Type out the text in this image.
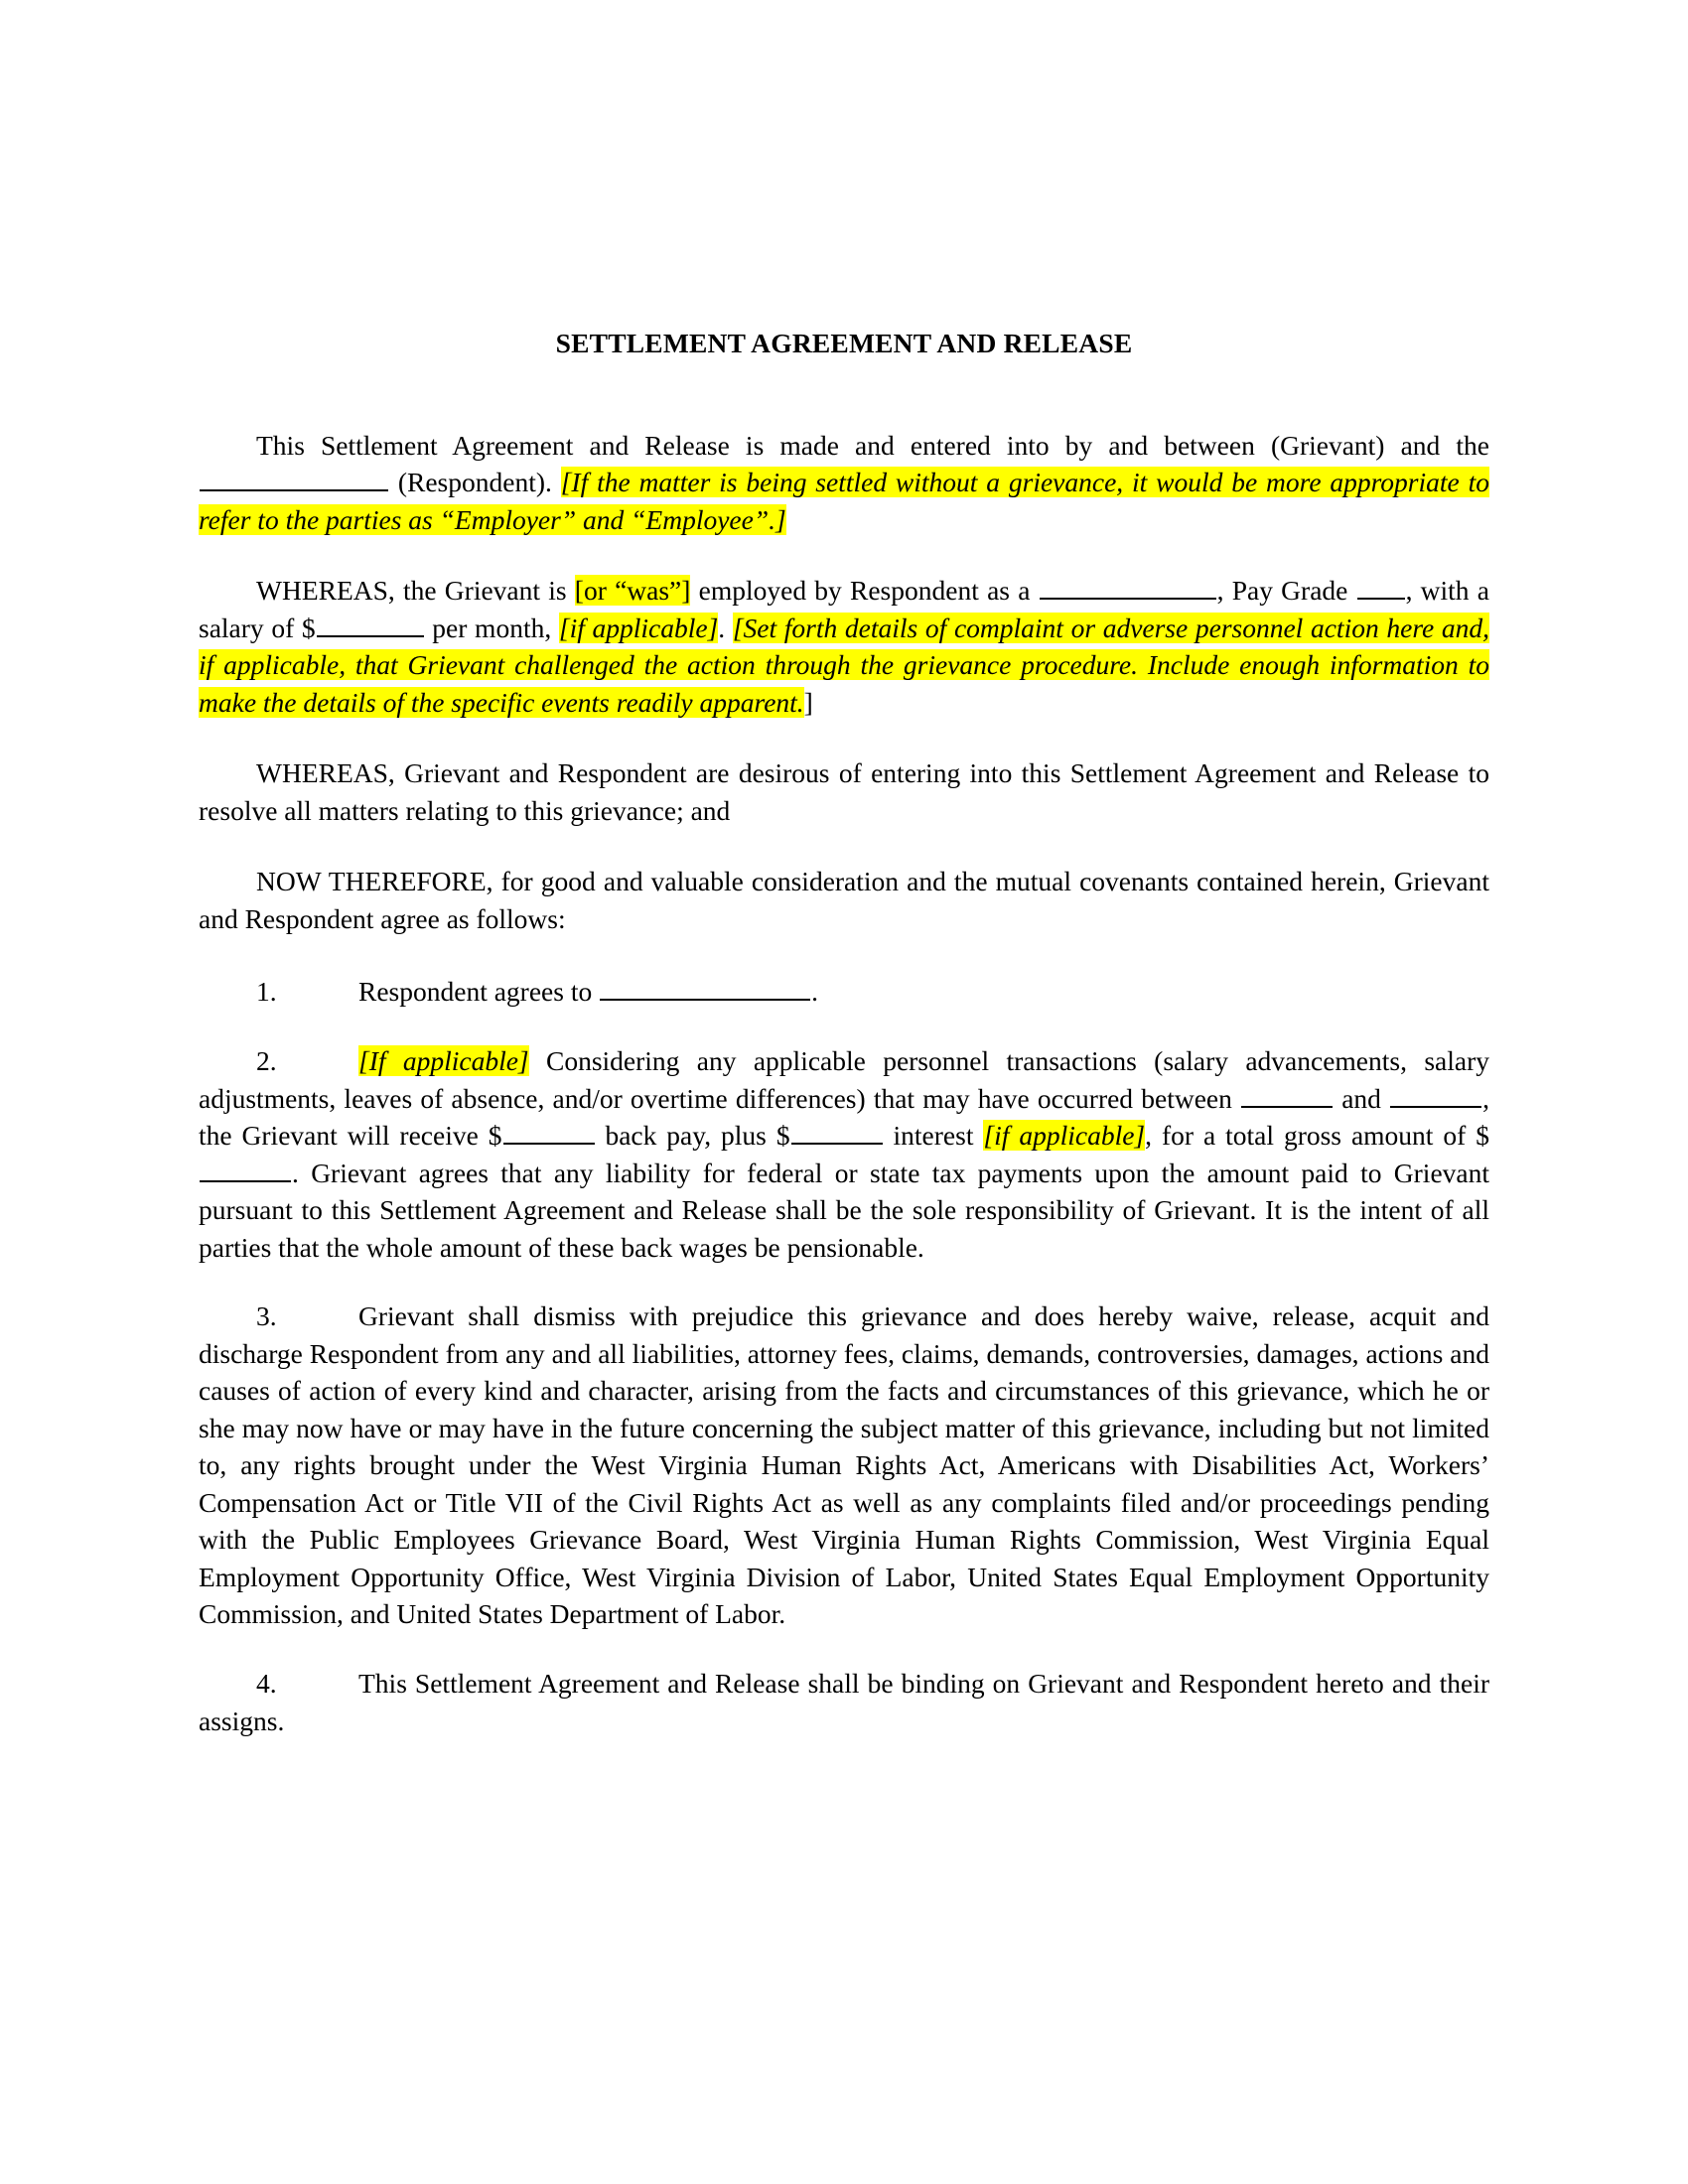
SETTLEMENT AGREEMENT AND RELEASE

This Settlement Agreement and Release is made and entered into by and between (Grievant) and the  (Respondent). [If the matter is being settled without a grievance, it would be more appropriate to refer to the parties as “Employer” and “Employee”.]

WHEREAS, the Grievant is [or “was”] employed by Respondent as a	, Pay Grade , with a salary of $	per month, [if applicable]. [Set forth details of complaint or adverse personnel action here and, if applicable, that Grievant challenged the action through the grievance procedure. Include enough information to make the details of the specific events readily apparent.]

WHEREAS, Grievant and Respondent are desirous of entering into this Settlement Agreement and Release to resolve all matters relating to this grievance; and

NOW THEREFORE, for good and valuable consideration and the mutual covenants contained herein, Grievant and Respondent agree as follows:

1.	Respondent agrees to	.

2.	[If applicable] Considering any applicable personnel transactions (salary advancements, salary adjustments, leaves of absence, and/or overtime differences) that may have occurred between	and	, the Grievant will receive $	back pay, plus $	interest [if applicable], for a total gross amount of $. Grievant agrees that any liability for federal or state tax payments upon the amount paid to Grievant pursuant to this Settlement Agreement and Release shall be the sole responsibility of Grievant. It is the intent of all parties that the whole amount of these back wages be pensionable.

3.	Grievant shall dismiss with prejudice this grievance and does hereby waive, release, acquit and discharge Respondent from any and all liabilities, attorney fees, claims, demands, controversies, damages, actions and causes of action of every kind and character, arising from the facts and circumstances of this grievance, which he or she may now have or may have in the future concerning the subject matter of this grievance, including but not limited to, any rights brought under the West Virginia Human Rights Act, Americans with Disabilities Act, Workers’ Compensation Act or Title VII of the Civil Rights Act as well as any complaints filed and/or proceedings pending with the Public Employees Grievance Board, West Virginia Human Rights Commission, West Virginia Equal Employment Opportunity Office, West Virginia Division of Labor, United States Equal Employment Opportunity Commission, and United States Department of Labor.

4.	This Settlement Agreement and Release shall be binding on Grievant and Respondent hereto and their assigns.
